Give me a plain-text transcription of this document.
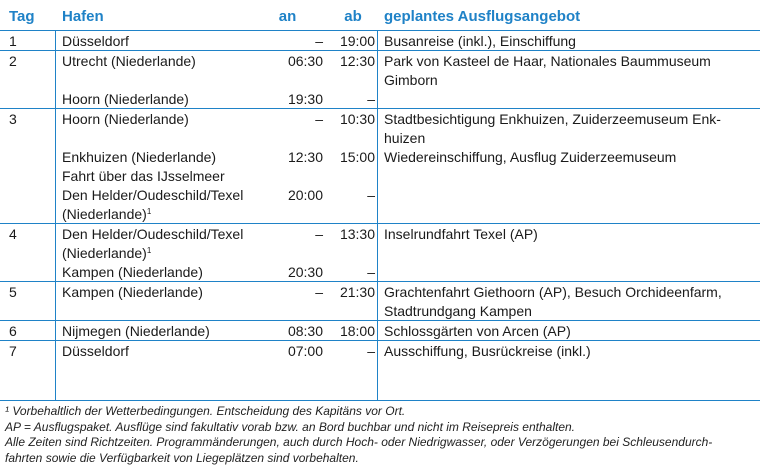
Tag Hafen	an	ab	geplantes Ausflugsangebot
1	Düsseldorf	–	19:00 Busanreise (inkl.), Einschiffung
2	Utrecht (Niederlande)	06:30	12:30 Park von Kasteel de Haar, Nationales Baummuseum
Gimborn
Hoorn (Niederlande)	19:30	–
3	Hoorn (Niederlande)	–	10:30 Stadtbesichtigung Enkhuizen, Zuiderzeemuseum Enk-
huizen
Enkhuizen (Niederlande)	12:30	15:00 Wiedereinschiffung, Ausflug Zuiderzeemuseum
Fahrt über das IJsselmeer
Den Helder/Oudeschild/Texel	20:00	–
(Niederlande)$^1$
4	Den Helder/Oudeschild/Texel	–	13:30 Inselrundfahrt Texel (AP)
(Niederlande)$^1$
Kampen (Niederlande)	20:30	–
5	Kampen (Niederlande)	–	21:30 Grachtenfahrt Giethoorn (AP), Besuch Orchideenfarm,
Stadtrundgang Kampen
6	Nijmegen (Niederlande)	08:30	18:00 Schlossgärten von Arcen (AP)
7	Düsseldorf	07:00	– Ausschiffung, Busrückreise (inkl.)
¹ Vorbehaltlich der Wetterbedingungen. Entscheidung des Kapitäns vor Ort.
AP = Ausflugspaket. Ausflüge sind fakultativ vorab bzw. an Bord buchbar und nicht im Reisepreis enthalten.
Alle Zeiten sind Richtzeiten. Programmänderungen, auch durch Hoch- oder Niedrigwasser, oder Verzögerungen bei Schleusendurch-
fahrten sowie die Verfügbarkeit von Liegeplätzen sind vorbehalten.
